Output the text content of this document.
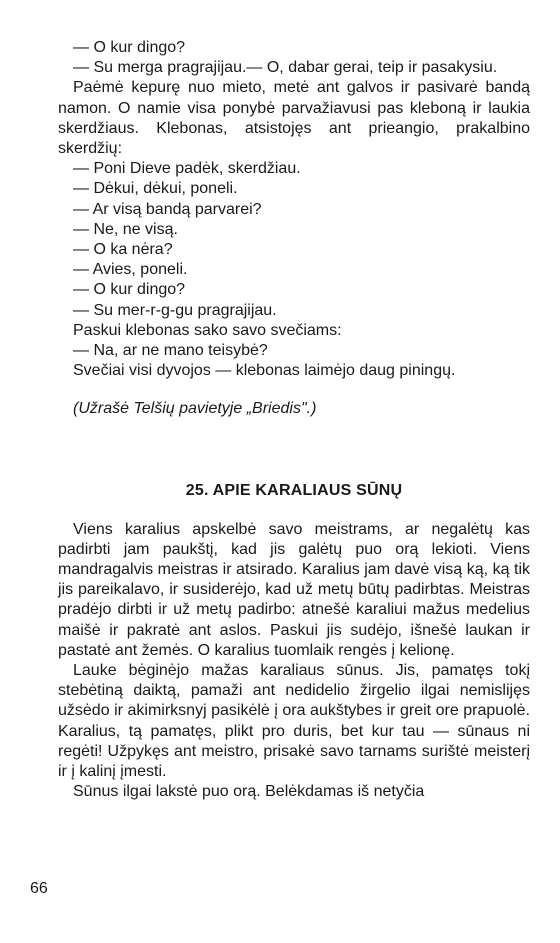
— O kur dingo?
— Su merga pragrajijau.— O, dabar gerai, teip ir pasakysiu.

Paėmė kepurę nuo mieto, metė ant galvos ir pasivarė bandą namon. O namie visa ponybė parvažiavusi pas kleboną ir laukia skerdžiaus. Klebonas, atsistojęs ant prieangio, prakalbino skerdžių:

— Poni Dieve padėk, skerdžiau.
— Dėkui, dėkui, poneli.
— Ar visą bandą parvarei?
— Ne, ne visą.
— O ka nėra?
— Avies, poneli.
— O kur dingo?
— Su mer-r-g-gu pragrajijau.
Paskui klebonas sako savo svečiams:
— Na, ar ne mano teisybė?
Svečiai visi dyvojos — klebonas laimėjo daug piningų.

(Užrašė Telšių pavietyje „Briedis".)

25. APIE KARALIAUS SŪNŲ

Viens karalius apskelbė savo meistrams, ar negalėtų kas padirbti jam paukštį, kad jis galėtų puo orą lekioti. Viens mandragalvis meistras ir atsirado. Karalius jam davė visą ką, ką tik jis pareikalavo, ir susiderėjo, kad už metų būtų padirbtas. Meistras pradėjo dirbti ir už metų padirbo: atnešė karaliui mažus medelius maišė ir pakratė ant aslos. Paskui jis sudėjo, išnešė laukan ir pastatė ant žemės. O karalius tuomlaik rengės į kelionę.

Lauke bėginėjo mažas karaliaus sūnus. Jis, pamatęs tokį stebėtiną daiktą, pamaži ant nedidelio žirgelio ilgai nemislijęs užsėdo ir akimirksnyj pasikėlė į ora aukštybes ir greit ore prapuolė. Karalius, tą pamatęs, plikt pro duris, bet kur tau — sūnaus ni regėti! Užpykęs ant meistro, prisakė savo tarnams surištė meisterį ir į kalinį įmesti.

Sūnus ilgai lakstė puo orą. Belėkdamas iš netyčia

66
